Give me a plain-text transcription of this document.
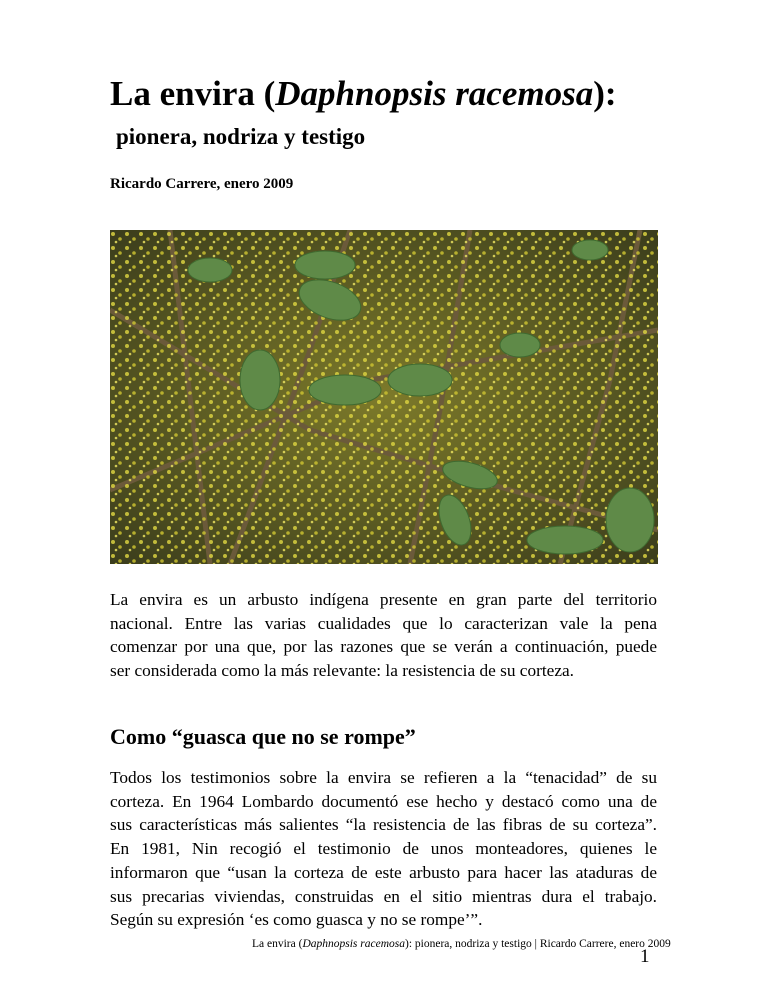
La envira (Daphnopsis racemosa):
pionera, nodriza y testigo
Ricardo Carrere, enero 2009
La envira es un arbusto indígena presente en gran parte del territorio
nacional. Entre las varias cualidades que lo caracterizan vale la pena
comenzar por una que, por las razones que se verán a continuación, puede
ser considerada como la más relevante: la resistencia de su corteza.
Como “guasca que no se rompe”
Todos los testimonios sobre la envira se refieren a la “tenacidad” de su
corteza. En 1964 Lombardo documentó ese hecho y destacó como una de
sus características más salientes “la resistencia de las fibras de su corteza”.
En 1981, Nin recogió el testimonio de unos monteadores, quienes le
informaron que “usan la corteza de este arbusto para hacer las ataduras de
sus precarias viviendas, construidas en el sitio mientras dura el trabajo.
Según su expresión ‘es como guasca y no se rompe’”.
La envira (Daphnopsis racemosa): pionera, nodriza y testigo | Ricardo Carrere, enero 2009
1
